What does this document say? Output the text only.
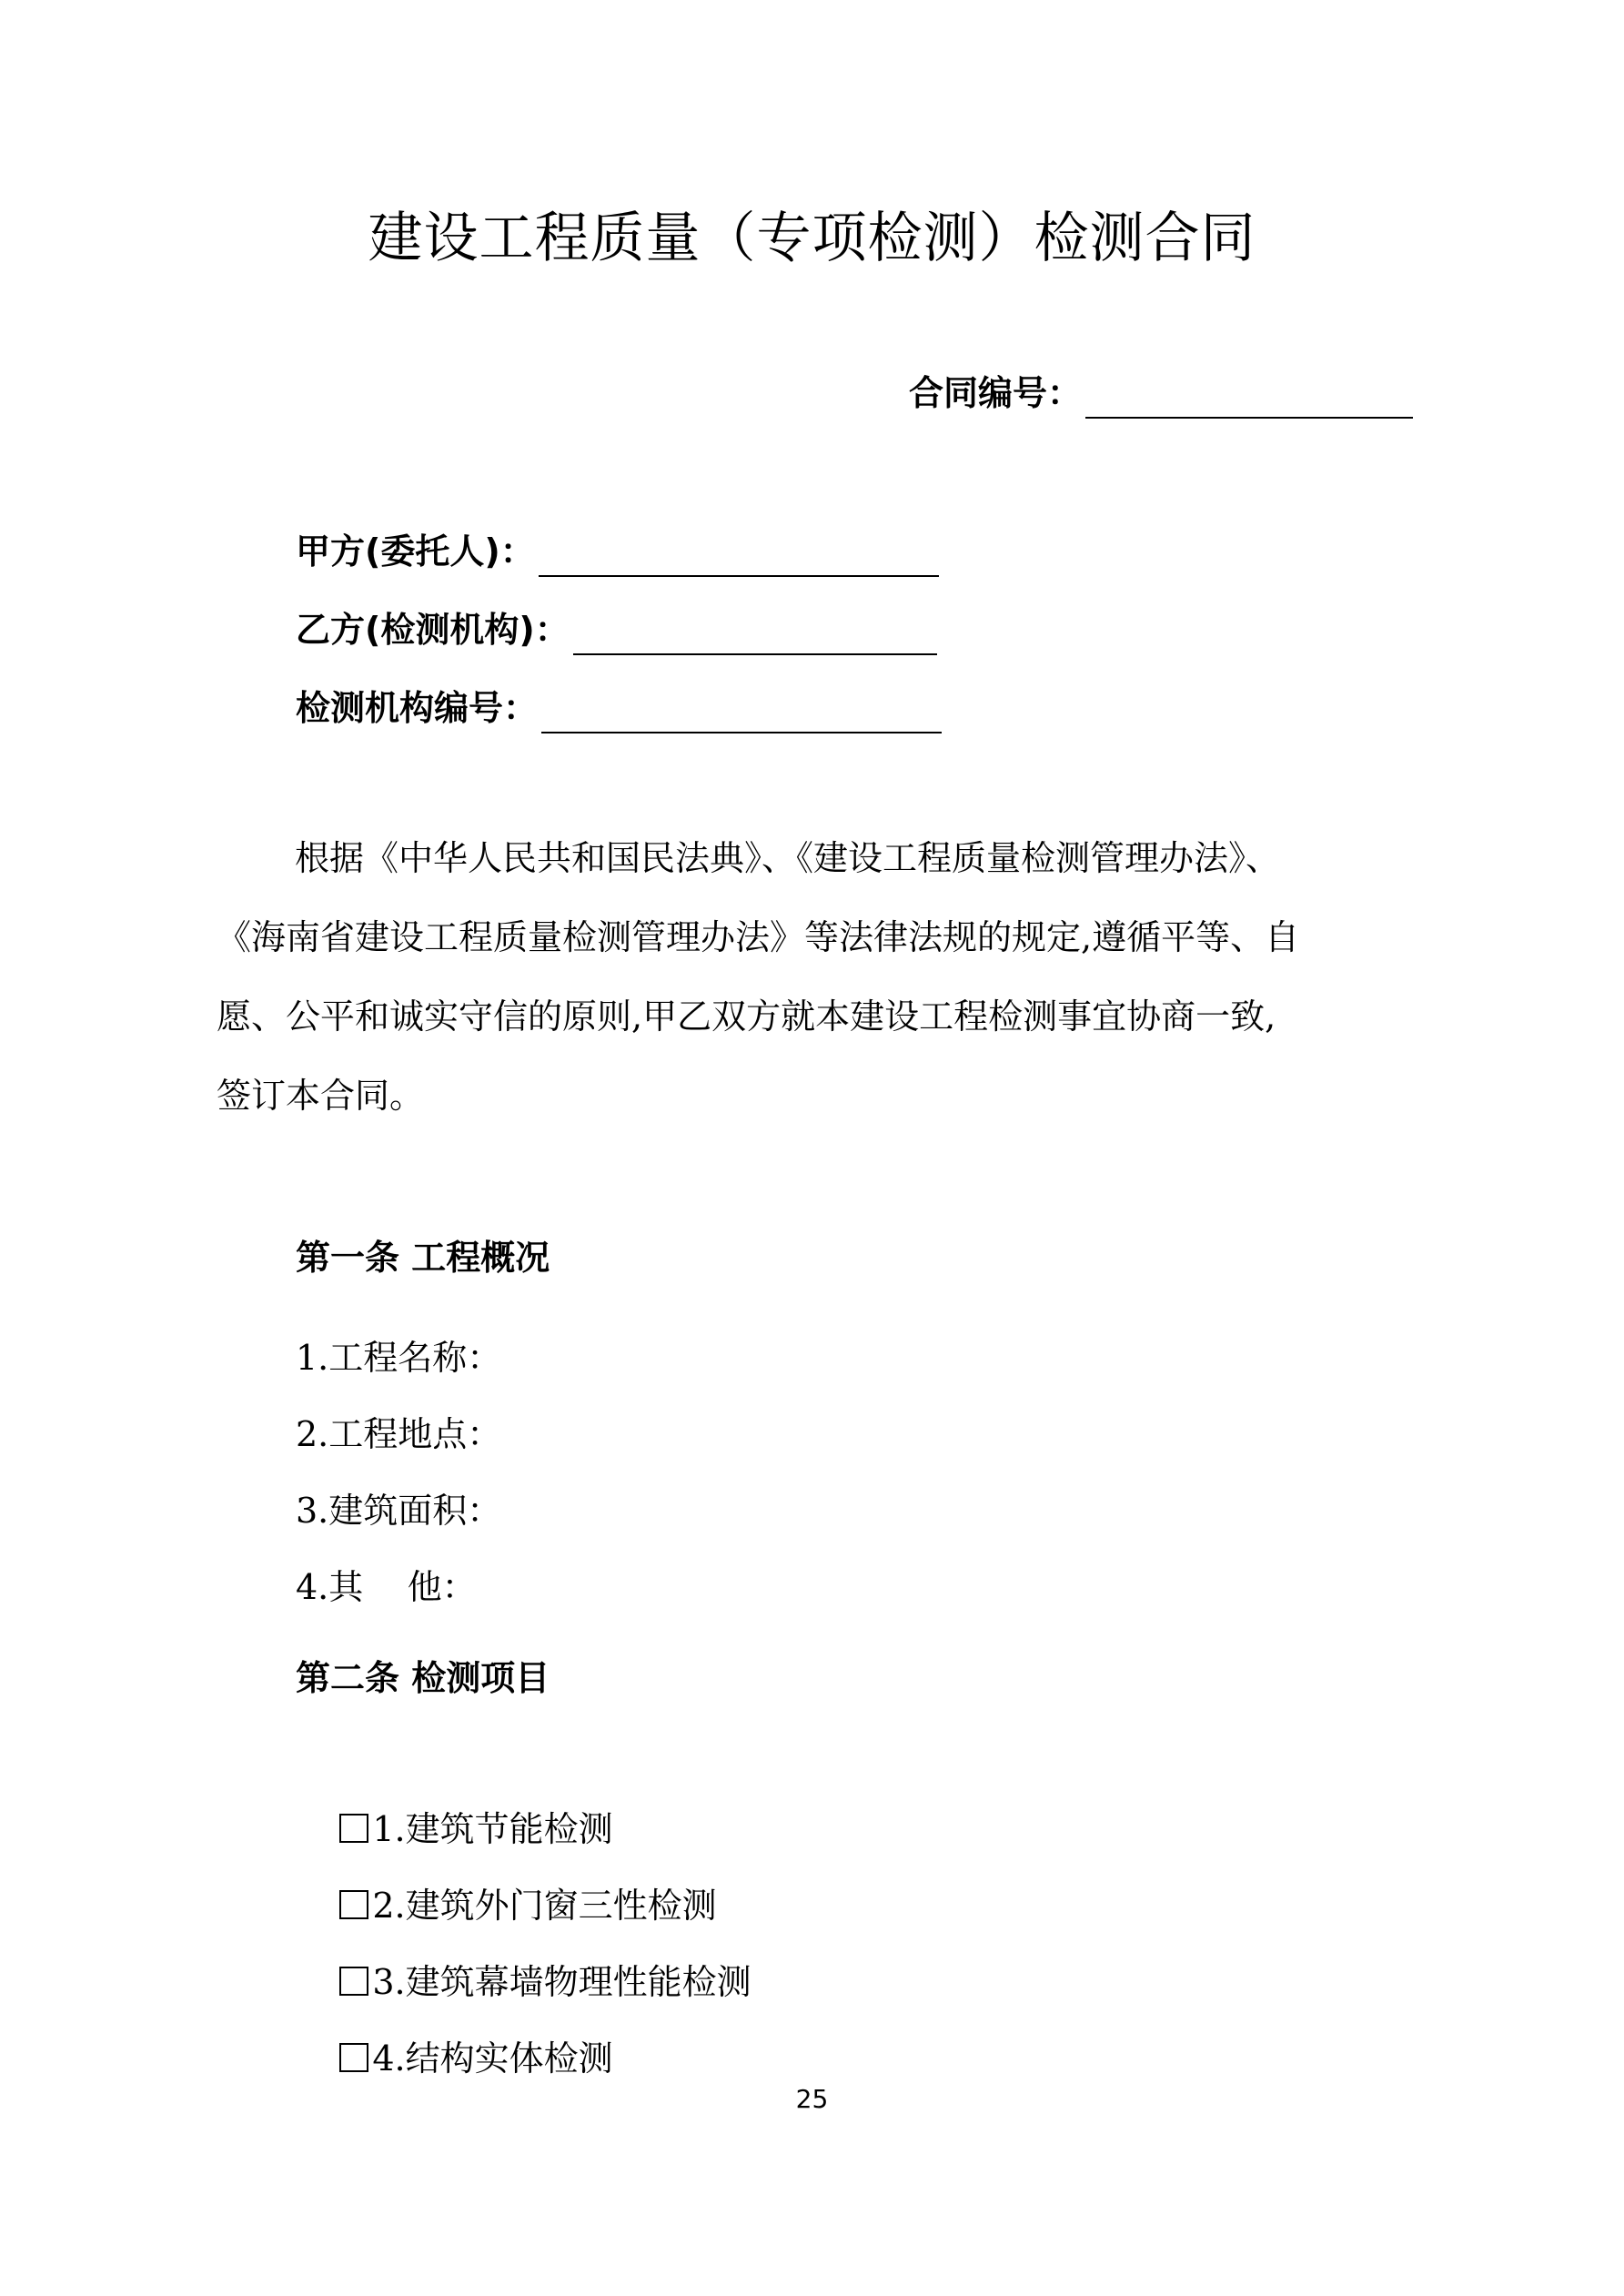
建设工程质量（专项检测）检测合同
合同编号：
甲方(委托人)：
乙方(检测机构)：
检测机构编号：
根据《中华人民共和国民法典》、《建设工程质量检测管理办法》、
《海南省建设工程质量检测管理办法》等法律法规的规定,遵循平等、自
愿、公平和诚实守信的原则,甲乙双方就本建设工程检测事宜协商一致,
签订本合同。
第一条 工程概况
1.工程名称：
2.工程地点：
3.建筑面积：
4.其    他：
第二条 检测项目

1.建筑节能检测

2.建筑外门窗三性检测

3.建筑幕墙物理性能检测

4.结构实体检测

25
